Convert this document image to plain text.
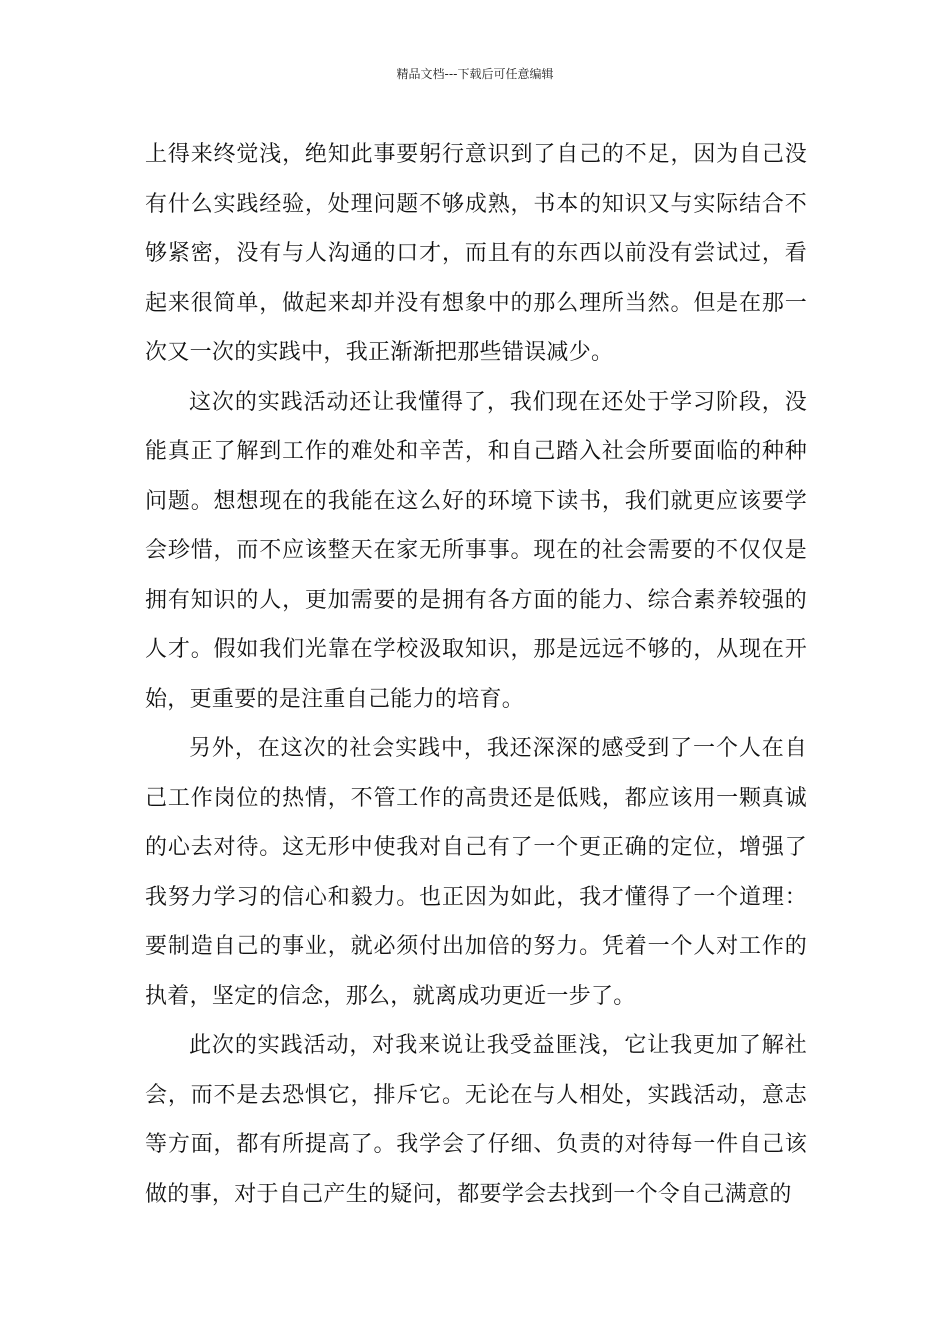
精品文档---下载后可任意编辑

上得来终觉浅，绝知此事要躬行意识到了自己的不足，因为自己没有什么实践经验，处理问题不够成熟，书本的知识又与实际结合不够紧密，没有与人沟通的口才，而且有的东西以前没有尝试过，看起来很简单，做起来却并没有想象中的那么理所当然。但是在那一次又一次的实践中，我正渐渐把那些错误减少。

这次的实践活动还让我懂得了，我们现在还处于学习阶段，没能真正了解到工作的难处和辛苦，和自己踏入社会所要面临的种种问题。想想现在的我能在这么好的环境下读书，我们就更应该要学会珍惜，而不应该整天在家无所事事。现在的社会需要的不仅仅是拥有知识的人，更加需要的是拥有各方面的能力、综合素养较强的人才。假如我们光靠在学校汲取知识，那是远远不够的，从现在开始，更重要的是注重自己能力的培育。

另外，在这次的社会实践中，我还深深的感受到了一个人在自己工作岗位的热情，不管工作的高贵还是低贱，都应该用一颗真诚的心去对待。这无形中使我对自己有了一个更正确的定位，增强了我努力学习的信心和毅力。也正因为如此，我才懂得了一个道理：要制造自己的事业，就必须付出加倍的努力。凭着一个人对工作的执着，坚定的信念，那么，就离成功更近一步了。

此次的实践活动，对我来说让我受益匪浅，它让我更加了解社会，而不是去恐惧它，排斥它。无论在与人相处，实践活动，意志等方面，都有所提高了。我学会了仔细、负责的对待每一件自己该做的事，对于自己产生的疑问，都要学会去找到一个令自己满意的
